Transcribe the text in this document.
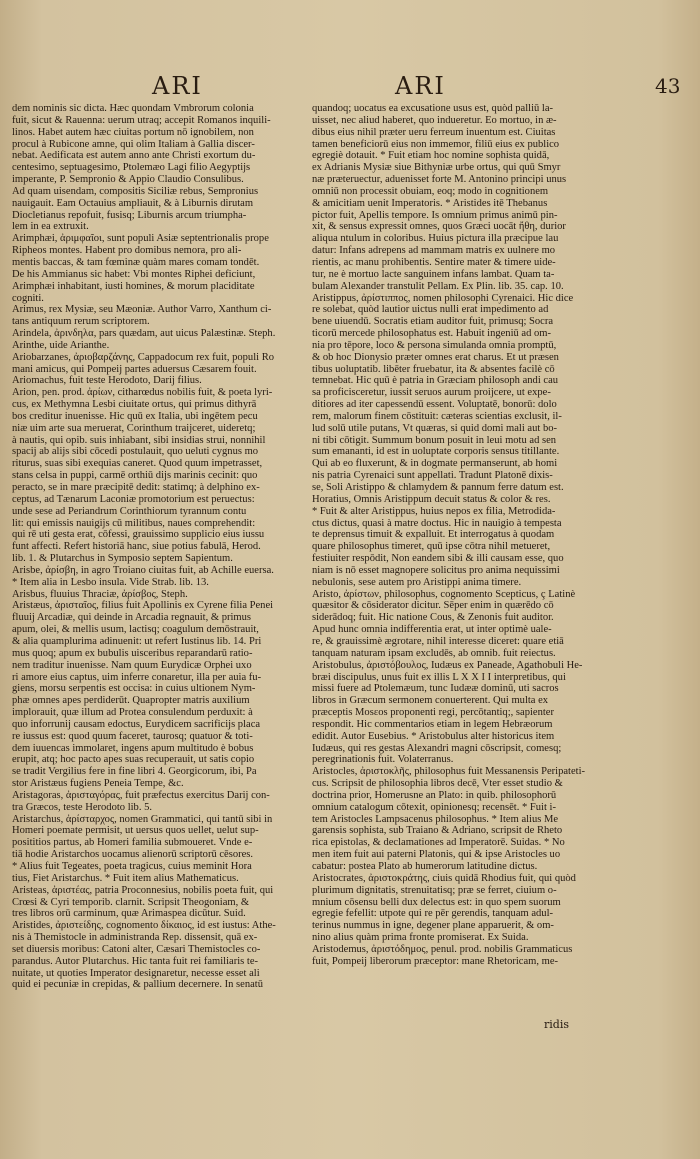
ARI	ARI	43
dem nominis sic dicta. Hæc quondam Vmbrorum colonia
fuit, sicut & Rauenna: uerum utraq; accepit Romanos inquili-
linos. Habet autem hæc ciuitas portum nō ignobilem, non
procul à Rubicone amne, qui olim Italiam à Gallia discer-
nebat. Aedificata est autem anno ante Christi exortum du-
centesimo, septuagesimo, Ptolemæo Lagi filio Aegyptijs
imperante, P. Sempronio & Appio Claudio Consulibus.
Ad quam uisendam, compositis Siciliæ rebus, Sempronius
nauigauit. Eam Octauius ampliauit, & à Liburnis dirutam
Diocletianus repofuit, fusisq; Liburnis arcum triumpha-
lem in ea extruxit.
Arimphæi, ἀριμφαῖοι, sunt populi Asiæ septentrionalis prope
Ripheos montes. Habent pro domibus nemora, pro ali-
mentis baccas, & tam fœminæ quàm mares comam tondēt.
De his Ammianus sic habet: Vbi montes Riphei deficiunt,
Arimphæi inhabitant, iusti homines, & morum placiditate
cogniti.
Arimus, rex Mysiæ, seu Mæoniæ. Author Varro, Xanthum ci-
tans antiquum rerum scriptorem.
Arindela, ἀρινδηλα, pars quædam, aut uicus Palæstinæ. Steph.
Arinthe, uide Arianthe.
Ariobarzanes, ἀριοβαρζάνης, Cappadocum rex fuit, populi Ro
mani amicus, qui Pompeij partes aduersus Cæsarem fouit.
Ariomachus, fuit teste Herodoto, Darij filius.
Arion, pen. prod. ἀρίων, citharœdus nobilis fuit, & poeta lyri-
cus, ex Methymna Lesbi ciuitate ortus, qui primus dithyrā
bos creditur inuenisse. Hic quū ex Italia, ubi ingētem pecu
niæ uim arte sua meruerat, Corinthum traijceret, uideretq;
à nautis, qui opib. suis inhiabant, sibi insidias strui, nonnihil
spacij ab alijs sibi cōcedi postulauit, quo ueluti cygnus mo
riturus, suas sibi exequias caneret. Quod quum impetrasset,
stans celsa in puppi, carmē orthiū dijs marinis cecinit: quo
peracto, se in mare præcipitē dedit: statimq; à delphino ex-
ceptus, ad Tænarum Laconiæ promotorium est peruectus:
unde sese ad Periandrum Corinthiorum tyrannum contu
lit: qui emissis nauigijs cū militibus, naues comprehendit:
qui rē uti gesta erat, cōfessi, grauissimo supplicio eius iussu
funt affecti. Refert historiā hanc, siue potius fabulā, Herod.
lib. 1. & Plutarchus in Symposio septem Sapientum.
Arisbe, ἀρίσβη, in agro Troiano ciuitas fuit, ab Achille euersa.
* Item alia in Lesbo insula. Vide Strab. lib. 13.
Arisbus, fluuius Thraciæ, ἀρίσβος, Steph.
Aristæus, ἀρισταῖος, filius fuit Apollinis ex Cyrene filia Penei
fluuij Arcadiæ, qui deinde in Arcadia regnauit, & primus
apum, olei, & mellis usum, lactisq; coagulum demōstrauit,
& alia quamplurima adinuenit: ut refert Iustinus lib. 14. Pri
mus quoq; apum ex bubulis uisceribus reparandarū ratio-
nem traditur inuenisse. Nam quum Eurydicæ Orphei uxo
ri amore eius captus, uim inferre conaretur, illa per auia fu-
giens, morsu serpentis est occisa: in cuius ultionem Nym-
phæ omnes apes perdiderūt. Quapropter matris auxilium
implorauit, quæ illum ad Protea consulendum perduxit: à
quo inforrunij causam edoctus, Eurydicem sacrificijs placa
re iussus est: quod quum faceret, taurosq; quatuor & toti-
dem iuuencas immolaret, ingens apum multitudo è bobus
erupit, atq; hoc pacto apes suas recuperauit, ut satis copio
se tradit Vergilius fere in fine libri 4. Georgicorum, ibi, Pa
stor Aristæus fugiens Peneia Tempe, &c.
Aristagoras, ἀρισταγόρας, fuit præfectus exercitus Darij con-
tra Græcos, teste Herodoto lib. 5.
Aristarchus, ἀρίσταρχος, nomen Grammatici, qui tantū sibi in
Homeri poemate permisit, ut uersus quos uellet, uelut sup-
posititios partus, ab Homeri familia submoueret. Vnde e-
tiā hodie Aristarchos uocamus alienorū scriptorū cēsores.
* Alius fuit Tegeates, poeta tragicus, cuius meminit Hora
tius, Fiet Aristarchus. * Fuit item alius Mathematicus.
Aristeas, ἀριστέας, patria Proconnesius, nobilis poeta fuit, qui
Crœsi & Cyri temporib. clarnit. Scripsit Theogoniam, &
tres libros orū carminum, quæ Arimaspea dicūtur. Suid.
Aristides, ἀριστείδης, cognomento δίκαιος, id est iustus: Athe-
nis à Themistocle in administranda Rep. dissensit, quā ex-
set diuersis moribus: Catoni alter, Cæsari Themistocles co-
parandus. Autor Plutarchus. Hic tanta fuit rei familiaris te-
nuitate, ut quoties Imperator designaretur, necesse esset ali
quid ei pecuniæ in crepidas, & pallium decernere. In senatū
quandoq; uocatus ea excusatione usus est, quòd palliū la-
uisset, nec aliud haberet, quo indueretur. Eo mortuo, in æ-
dibus eius nihil præter ueru ferreum inuentum est. Ciuitas
tamen beneficiorū eius non immemor, filiū eius ex publico
egregiè dotauit. * Fuit etiam hoc nomine sophista quidā,
ex Adrianis Mysiæ siue Bithyniæ urbe ortus, qui quū Smyr
næ præteruectur, aduenisset forte M. Antonino principi unus
omniū non processit obuiam, eoq; modo in cognitionem
& amicitiam uenit Imperatoris. * Aristides itē Thebanus
pictor fuit, Apellis tempore. Is omnium primus animū pin-
xit, & sensus expressit omnes, quos Græci uocāt ἤθη, durior
aliqua ntulum in coloribus. Huius pictura illa præcipue lau
datur: Infans adrepens ad mammam matris ex uulnere mo
rientis, ac manu prohibentis. Sentire mater & timere uide-
tur, ne è mortuo lacte sanguinem infans lambat. Quam ta-
bulam Alexander transtulit Pellam. Ex Plin. lib. 35. cap. 10.
Aristippus, ἀρίστιππος, nomen philosophi Cyrenaici. Hic dice
re solebat, quòd lautior uictus nulli erat impedimento ad
bene uiuendū. Socratis etiam auditor fuit, primusq; Socra
ticorū mercede philosophatus est. Habuit ingeniū ad om-
nia pro tēpore, loco & persona simulanda omnia promptū,
& ob hoc Dionysio præter omnes erat charus. Et ut præsen
tibus uoluptatib. libēter fruebatur, ita & absentes facilè cō
temnebat. Hic quū è patria in Græciam philosoph andi cau
sa proficisceretur, iussit seruos aurum proijcere, ut expe-
ditiores ad iter capessendū essent. Voluptatē, bonorū: dolo
rem, malorum finem cōstituit: cæteras scientias exclusit, il-
lud solū utile putans, Vt quæras, si quid domi mali aut bo-
ni tibi cōtigit. Summum bonum posuit in leui motu ad sen
sum emananti, id est in uoluptate corporis sensus titillante.
Qui ab eo fluxerunt, & in dogmate permanserunt, ab homi
nis patria Cyrenaici sunt appellati. Tradunt Platonē dixis-
se, Soli Aristippo & chlamydem & pannum ferre datum est.
Horatius, Omnis Aristippum decuit status & color & res.
* Fuit & alter Aristippus, huius nepos ex filia, Metrodida-
ctus dictus, quasi à matre doctus. Hic in nauigio à tempesta
te deprensus timuit & expalluit. Et interrogatus à quodam
quare philosophus timeret, quū ipse cōtra nihil metueret,
festiuiter respōdit, Non eandem sibi & illi causam esse, quo
niam is nō esset magnopere solicitus pro anima nequissimi
nebulonis, sese autem pro Aristippi anima timere.
Aristo, ἀρίστων, philosophus, cognomento Scepticus, ç Latinè
quæsitor & cōsiderator dicitur. Sēper enim in quærēdo cō
siderādoq; fuit. Hic natione Cous, & Zenonis fuit auditor.
Apud hunc omnia indifferentia erat, ut inter optimè uale-
re, & grauissimè ægrotare, nihil interesse diceret: quare etiā
tanquam naturam ipsam excludēs, ab omnib. fuit reiectus.
Aristobulus, ἀριστόβουλος, Iudæus ex Paneade, Agathobuli He-
bræi discipulus, unus fuit ex illis L X X I I interpretibus, qui
missi fuere ad Ptolemæum, tunc Iudææ dominū, uti sacros
libros in Græcum sermonem conuerterent. Qui multa ex
præceptis Mosεos proponenti regi, percōtantiq;, sapienter
respondit. Hic commentarios etiam in legem Hebræorum
edidit. Autor Eusebius. * Aristobulus alter historicus item
Iudæus, qui res gestas Alexandri magni cōscripsit, comesq;
peregrinationis fuit. Volaterranus.
Aristocles, ἀριστοκλῆς, philosophus fuit Messanensis Peripateti-
cus. Scripsit de philosophia libros decē, Vter esset studio &
doctrina prior, Homerusne an Plato: in quib. philosophorū
omnium catalogum cōtexit, opinionesq; recensēt. * Fuit i-
tem Aristocles Lampsacenus philosophus. * Item alius Me
garensis sophista, sub Traiano & Adriano, scripsit de Rheto
rica epistolas, & declamationes ad Imperatorē. Suidas. * No
men item fuit aui paterni Platonis, qui & ipse Aristocles uo
cabatur: postea Plato ab humerorum latitudine dictus.
Aristocrates, ἀριστοκράτης, ciuis quidā Rhodius fuit, qui quòd
plurimum dignitatis, strenuitatisq; præ se ferret, ciuium o-
mnium cōsensu belli dux delectus est: in quo spem suorum
egregie fefellit: utpote qui re pēr gerendis, tanquam adul-
terinus nummus in igne, degener plane apparuerit, & om-
nino alius quàm prima fronte promiserat. Ex Suida.
Aristodemus, ἀριστόδημος, penul. prod. nobilis Grammaticus
fuit, Pompeij liberorum præceptor: mane Rhetoricam, me-
ridis
